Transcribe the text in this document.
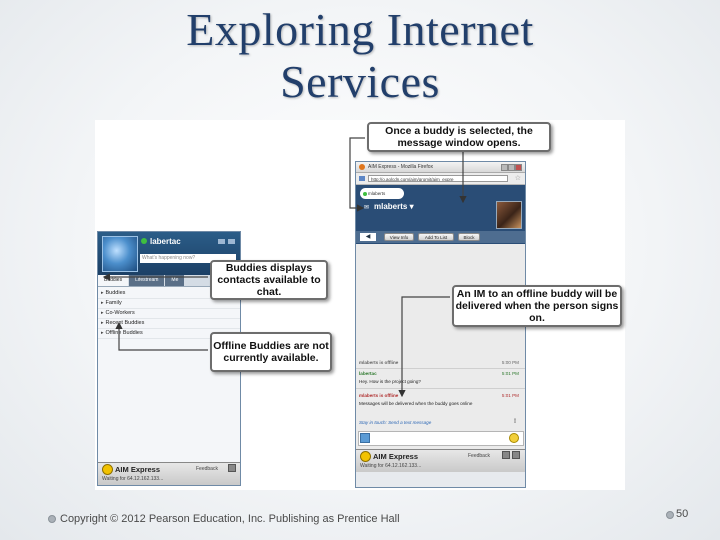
Exploring Internet
Services
labertac
What's happening now?
Buddies	Lifestream	Me
▸ Buddies
▸ Family
▸ Co-Workers
▸ Recent Buddies
▸ Offline Buddies
AIM Express	Feedback
Waiting for 64.12.162.133...
AIM Express - Mozilla Firefox
http://o.aolcdn.com/aim/gromit/aim_expre	☆
mlaberts
✉ mlaberts ▾
◀	View Info	Add To List	Block
mlaberts is offline	5:00 PM
labertac	5:01 PM
Hey. How is the project going?
mlaberts is offline	5:01 PM
Messages will be delivered when the buddy goes online
Stay in touch: Send a text message	▯
AIM Express	Feedback
Waiting for 64.12.162.133...
Once a buddy is selected, the message window opens.
Buddies displays contacts available to chat.	An IM to an offline buddy will be delivered when the person signs on.
Offline Buddies are not currently available.
Copyright © 2012 Pearson Education, Inc. Publishing as Prentice Hall	50
